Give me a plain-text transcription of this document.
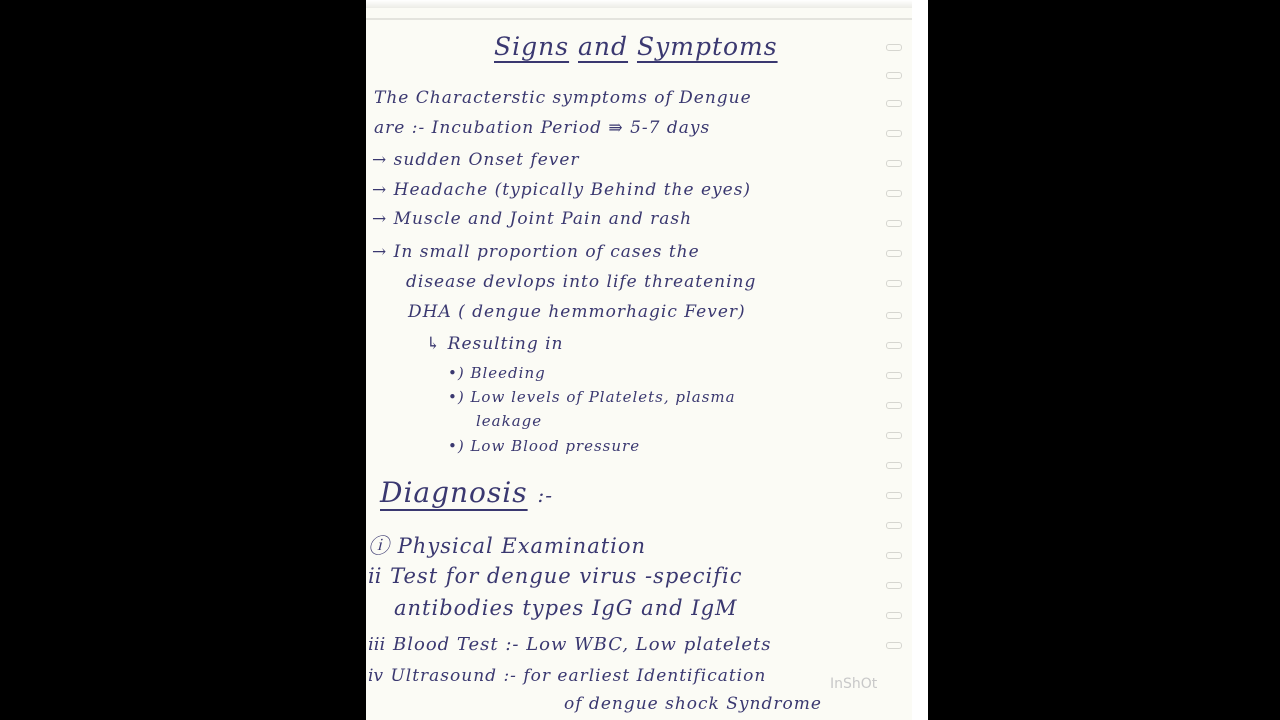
Signs and Symptoms
The Characterstic symptoms of Dengue
are :- Incubation Period ⇛ 5-7 days
→ sudden Onset fever
→ Headache (typically Behind the eyes)
→ Muscle and Joint Pain and rash
→ In small proportion of cases the
disease devlops into life threatening
DHA ( dengue hemmorhagic Fever)
↳ Resulting in
•) Bleeding
•) Low levels of Platelets, plasma
leakage
•) Low Blood pressure
Diagnosis :-
ⓘ Physical Examination
ⅱ Test for dengue virus -specific
antibodies types IgG and IgM
ⅲ Blood Test :- Low WBC, Low platelets
ⅳ Ultrasound :- for earliest Identification
of dengue shock Syndrome
InShOt
